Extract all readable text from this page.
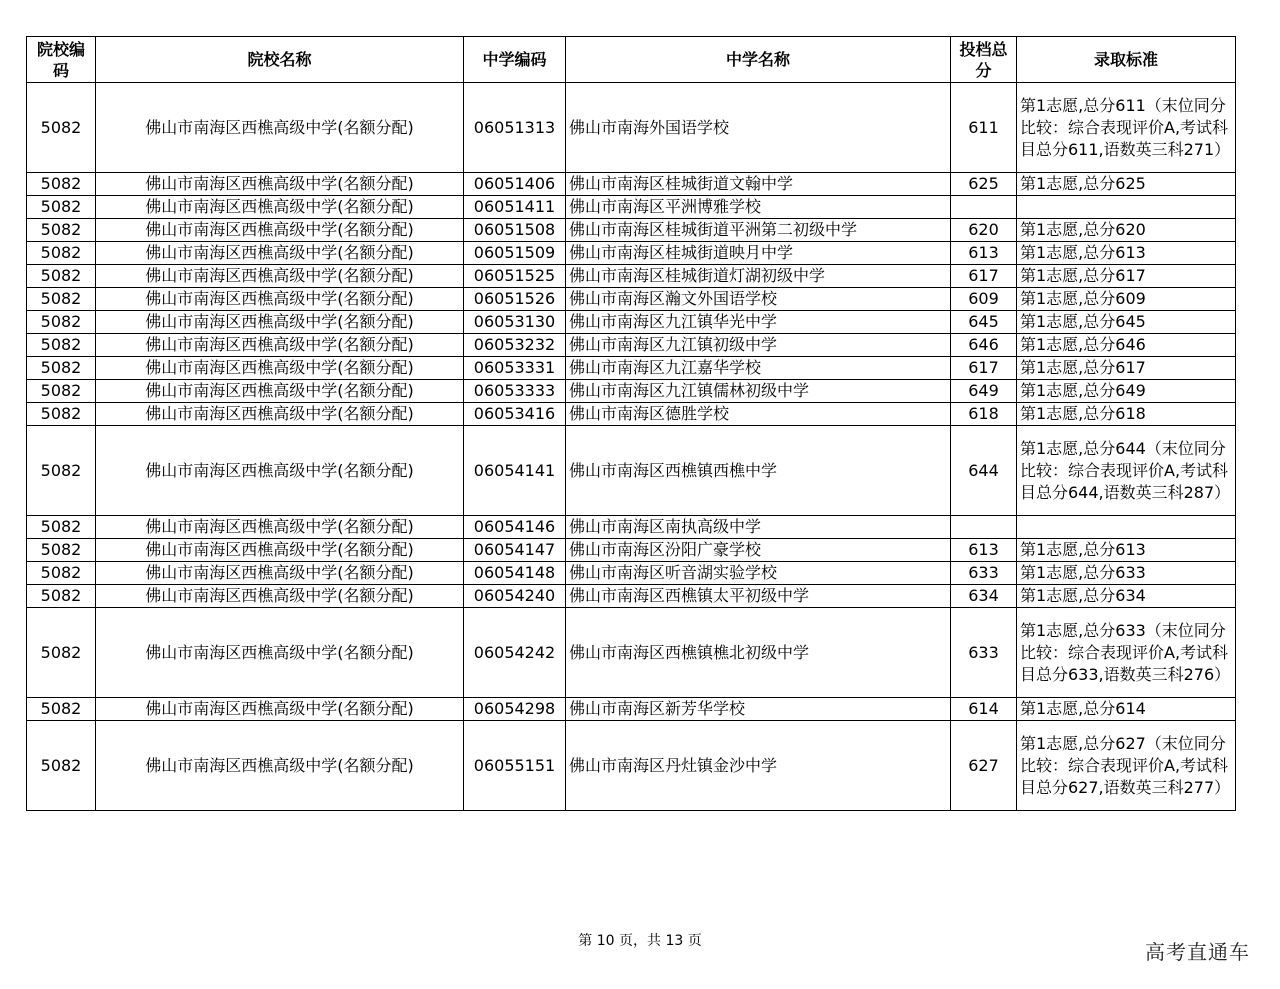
院校编码	院校名称	中学编码	中学名称	投档总分	录取标准
5082	佛山市南海区西樵高级中学(名额分配)	06051313	佛山市南海外国语学校	611	第1志愿,总分611（末位同分比较：综合表现评价A,考试科目总分611,语数英三科271）
5082	佛山市南海区西樵高级中学(名额分配)	06051406	佛山市南海区桂城街道文翰中学	625	第1志愿,总分625
5082	佛山市南海区西樵高级中学(名额分配)	06051411	佛山市南海区平洲博雅学校		
5082	佛山市南海区西樵高级中学(名额分配)	06051508	佛山市南海区桂城街道平洲第二初级中学	620	第1志愿,总分620
5082	佛山市南海区西樵高级中学(名额分配)	06051509	佛山市南海区桂城街道映月中学	613	第1志愿,总分613
5082	佛山市南海区西樵高级中学(名额分配)	06051525	佛山市南海区桂城街道灯湖初级中学	617	第1志愿,总分617
5082	佛山市南海区西樵高级中学(名额分配)	06051526	佛山市南海区瀚文外国语学校	609	第1志愿,总分609
5082	佛山市南海区西樵高级中学(名额分配)	06053130	佛山市南海区九江镇华光中学	645	第1志愿,总分645
5082	佛山市南海区西樵高级中学(名额分配)	06053232	佛山市南海区九江镇初级中学	646	第1志愿,总分646
5082	佛山市南海区西樵高级中学(名额分配)	06053331	佛山市南海区九江嘉华学校	617	第1志愿,总分617
5082	佛山市南海区西樵高级中学(名额分配)	06053333	佛山市南海区九江镇儒林初级中学	649	第1志愿,总分649
5082	佛山市南海区西樵高级中学(名额分配)	06053416	佛山市南海区德胜学校	618	第1志愿,总分618
5082	佛山市南海区西樵高级中学(名额分配)	06054141	佛山市南海区西樵镇西樵中学	644	第1志愿,总分644（末位同分比较：综合表现评价A,考试科目总分644,语数英三科287）
5082	佛山市南海区西樵高级中学(名额分配)	06054146	佛山市南海区南执高级中学		
5082	佛山市南海区西樵高级中学(名额分配)	06054147	佛山市南海区汾阳广豪学校	613	第1志愿,总分613
5082	佛山市南海区西樵高级中学(名额分配)	06054148	佛山市南海区听音湖实验学校	633	第1志愿,总分633
5082	佛山市南海区西樵高级中学(名额分配)	06054240	佛山市南海区西樵镇太平初级中学	634	第1志愿,总分634
5082	佛山市南海区西樵高级中学(名额分配)	06054242	佛山市南海区西樵镇樵北初级中学	633	第1志愿,总分633（末位同分比较：综合表现评价A,考试科目总分633,语数英三科276）
5082	佛山市南海区西樵高级中学(名额分配)	06054298	佛山市南海区新芳华学校	614	第1志愿,总分614
5082	佛山市南海区西樵高级中学(名额分配)	06055151	佛山市南海区丹灶镇金沙中学	627	第1志愿,总分627（末位同分比较：综合表现评价A,考试科目总分627,语数英三科277）
第 10 页，共 13 页	高考直通车
